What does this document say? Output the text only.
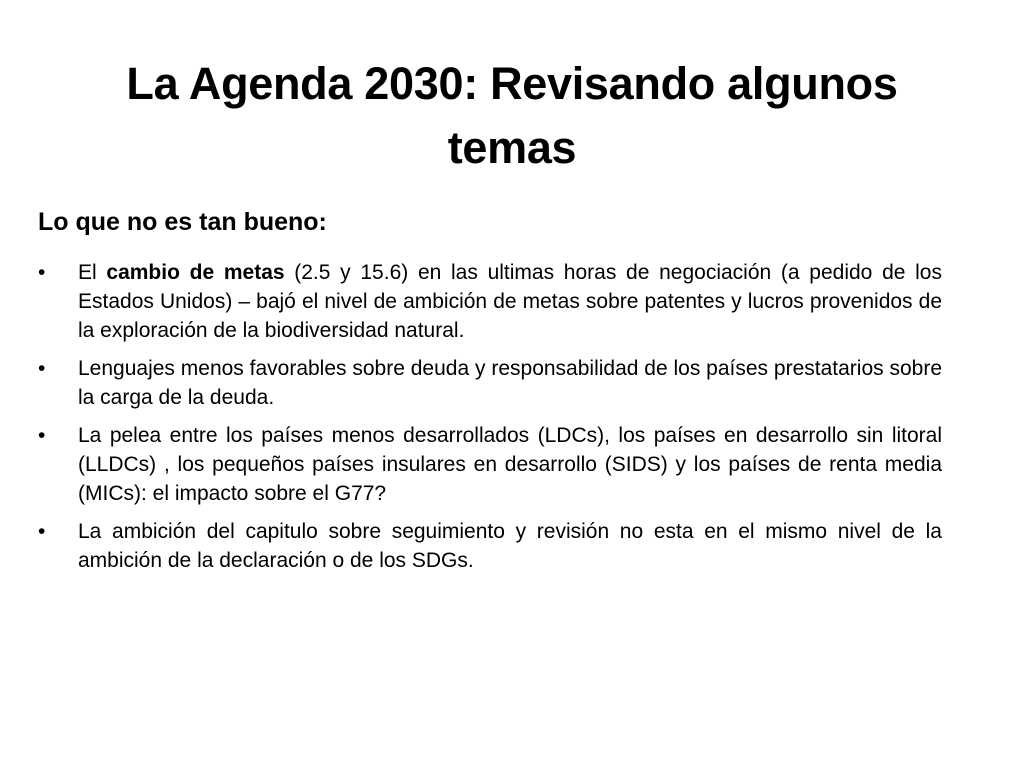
La Agenda 2030: Revisando algunos temas
Lo que no es tan bueno:
•	El cambio de metas (2.5 y 15.6) en las ultimas horas de negociación (a pedido de los Estados Unidos) – bajó el nivel de ambición de metas sobre patentes y lucros provenidos de la exploración de la biodiversidad natural.
•	Lenguajes menos favorables sobre deuda y responsabilidad de los países prestatarios sobre la carga de la deuda.
•	La pelea entre los países menos desarrollados (LDCs), los países en desarrollo sin litoral (LLDCs) , los pequeños países insulares en desarrollo (SIDS) y los países de renta media (MICs): el impacto sobre el G77?
•	La ambición del capitulo sobre seguimiento y revisión no esta en el mismo nivel de la ambición de la declaración o de los SDGs.
